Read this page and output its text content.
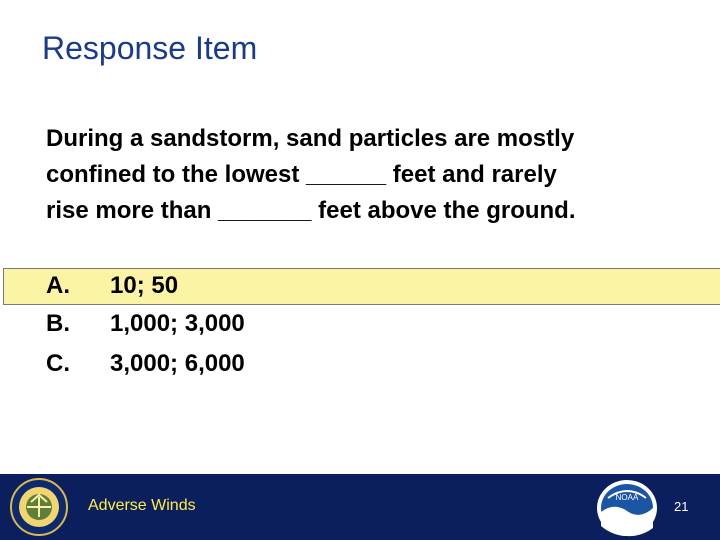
Response Item
During a sandstorm, sand particles are mostly
confined to the lowest ______ feet and rarely
rise more than _______ feet above the ground.
A. 10; 50
B. 1,000; 3,000
C. 3,000; 6,000
Adverse Winds	NOAA
21
